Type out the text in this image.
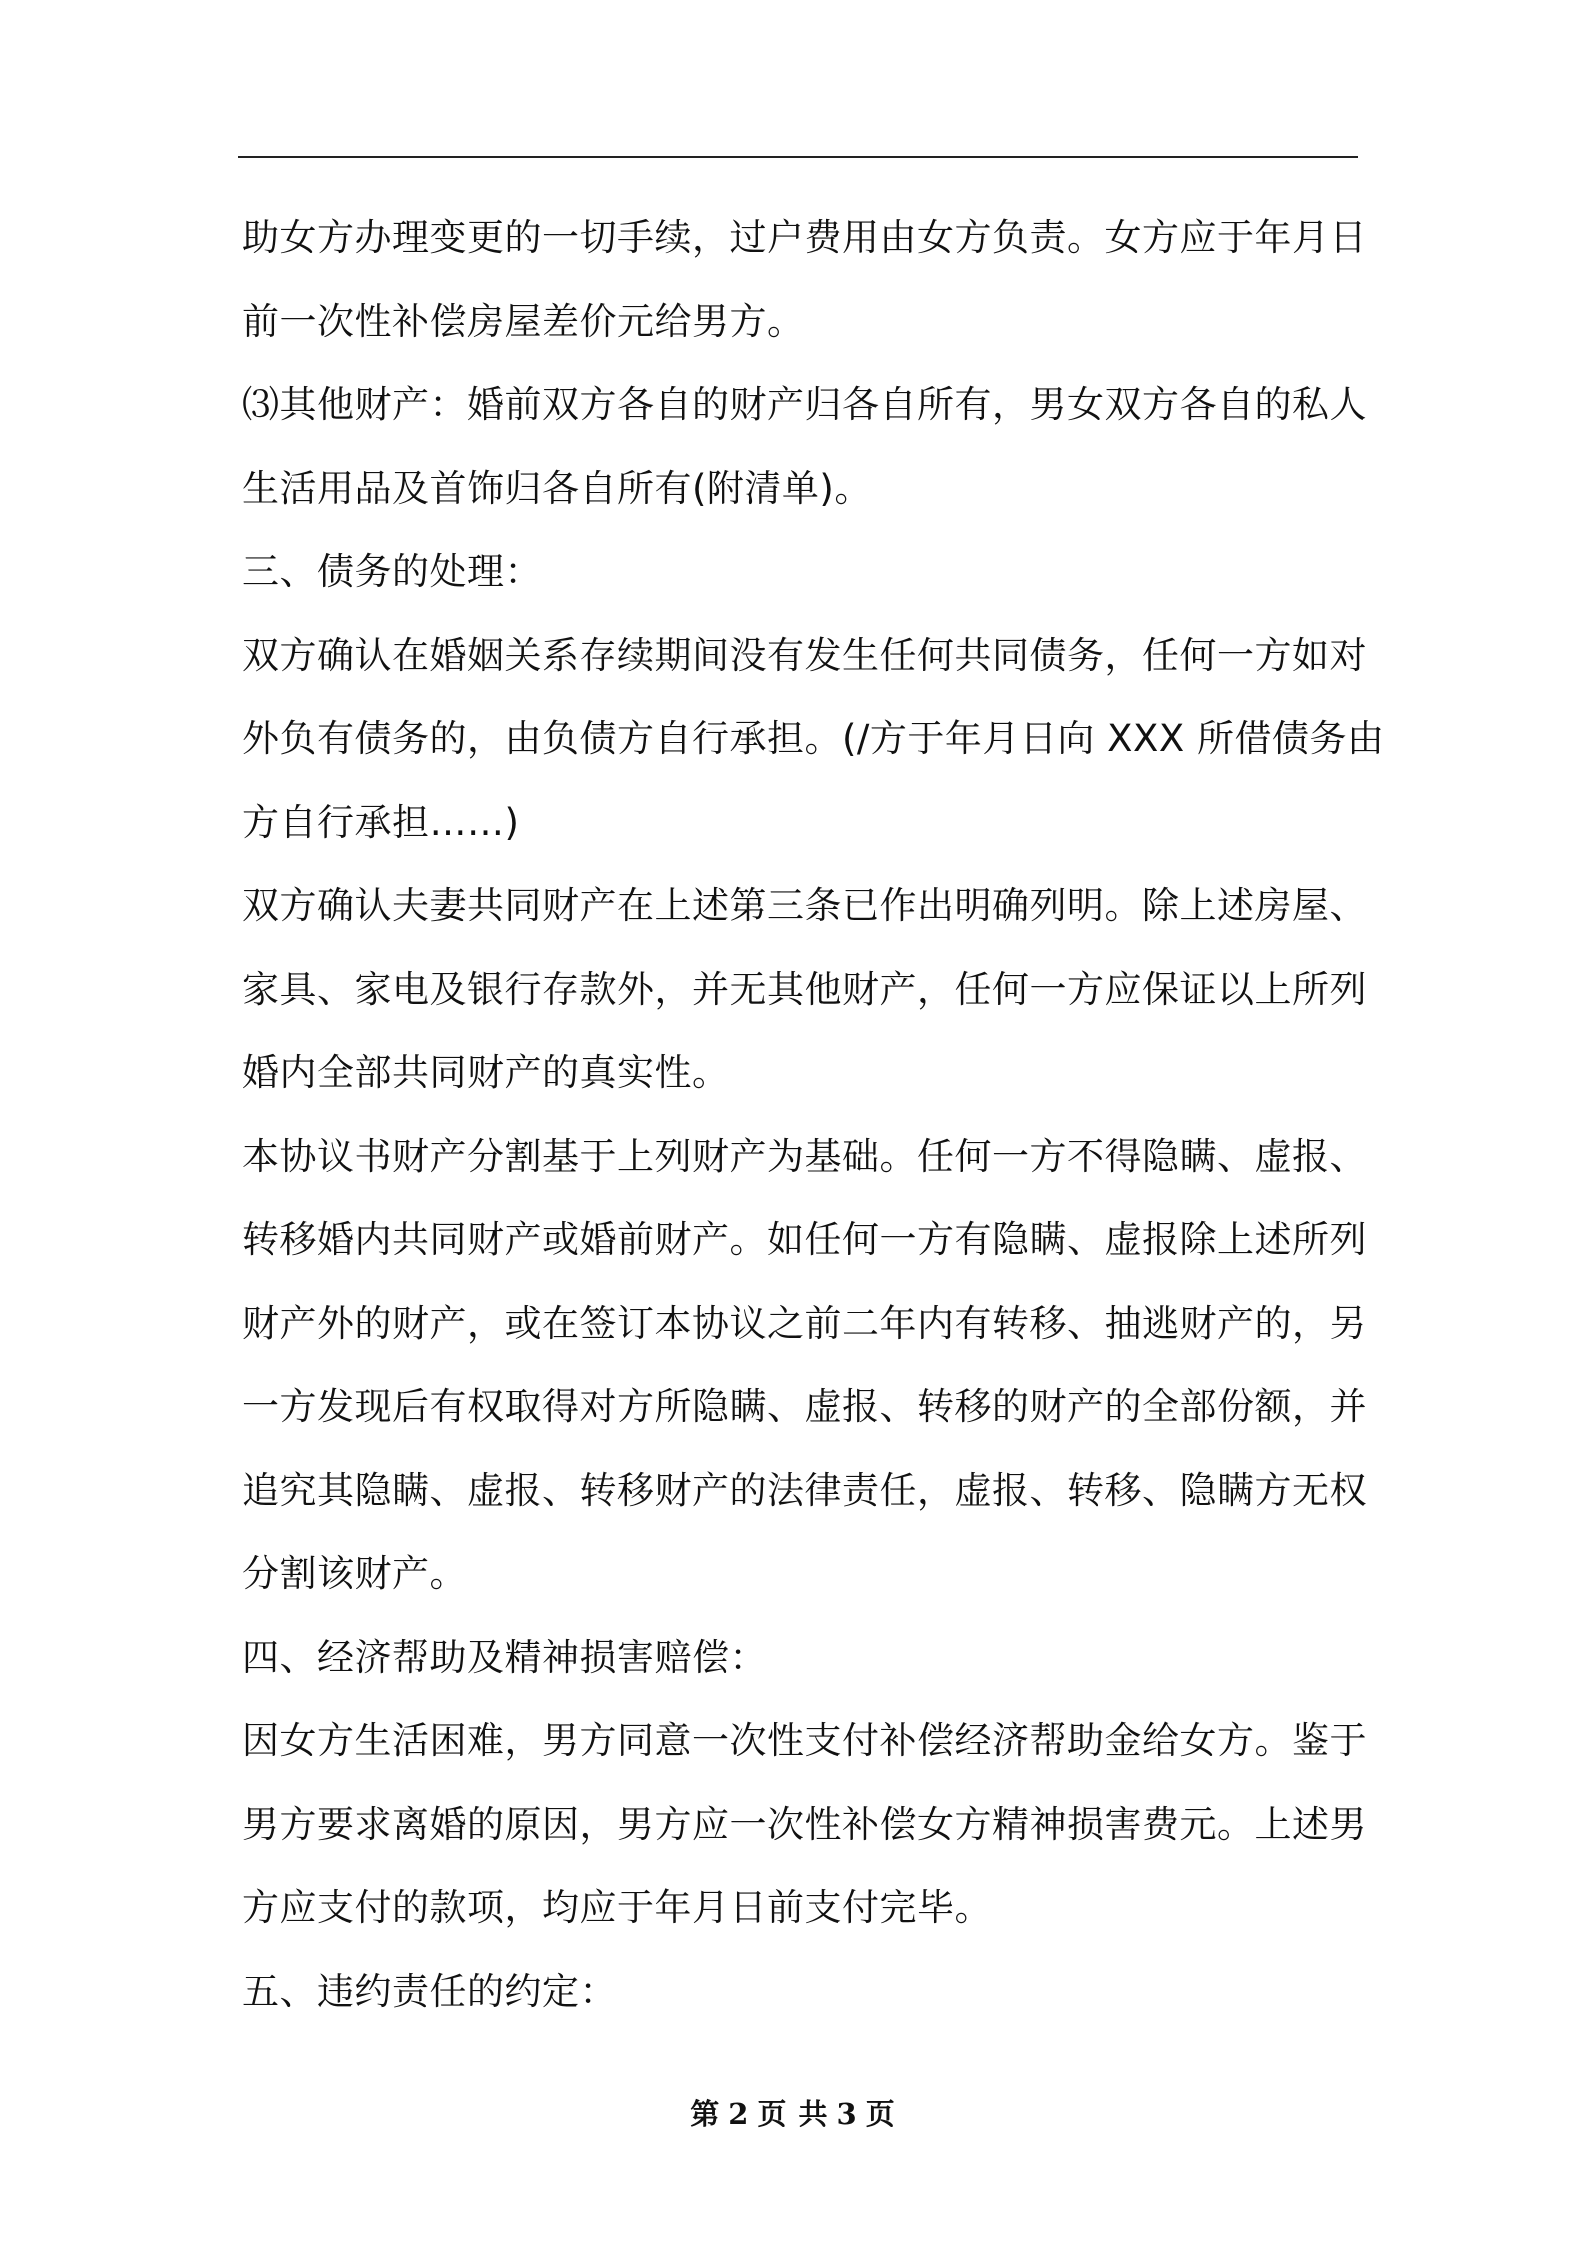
助女方办理变更的一切手续，过户费用由女方负责。女方应于年月日
前一次性补偿房屋差价元给男方。
⑶其他财产：婚前双方各自的财产归各自所有，男女双方各自的私人
生活用品及首饰归各自所有(附清单)。
三、债务的处理：
双方确认在婚姻关系存续期间没有发生任何共同债务，任何一方如对
外负有债务的，由负债方自行承担。(/方于年月日向 XXX 所借债务由
方自行承担……)
双方确认夫妻共同财产在上述第三条已作出明确列明。除上述房屋、
家具、家电及银行存款外，并无其他财产，任何一方应保证以上所列
婚内全部共同财产的真实性。
本协议书财产分割基于上列财产为基础。任何一方不得隐瞒、虚报、
转移婚内共同财产或婚前财产。如任何一方有隐瞒、虚报除上述所列
财产外的财产，或在签订本协议之前二年内有转移、抽逃财产的，另
一方发现后有权取得对方所隐瞒、虚报、转移的财产的全部份额，并
追究其隐瞒、虚报、转移财产的法律责任，虚报、转移、隐瞒方无权
分割该财产。
四、经济帮助及精神损害赔偿：
因女方生活困难，男方同意一次性支付补偿经济帮助金给女方。鉴于
男方要求离婚的原因，男方应一次性补偿女方精神损害费元。上述男
方应支付的款项，均应于年月日前支付完毕。
五、违约责任的约定：
第 2 页 共 3 页
